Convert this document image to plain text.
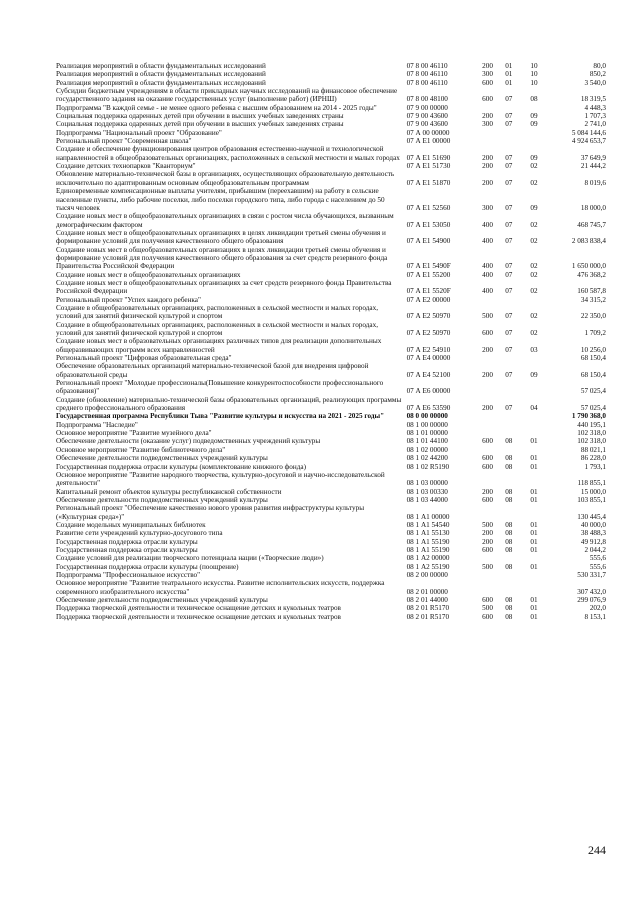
Реализация мероприятий в области фундаментальных исследований	07 8 00 46110	200	01	10	80,0
Реализация мероприятий в области фундаментальных исследований	07 8 00 46110	300	01	10	850,2
Реализация мероприятий в области фундаментальных исследований	07 8 00 46110	600	01	10	3 540,0
Субсидии бюджетным учреждениям в области прикладных научных исследований на финансовое обеспечение государственного задания на оказание государственных услуг (выполнение работ) (ИРНШ)	07 8 00 48100	600	07	08	18 319,5
Подпрограмма "В каждой семье - не менее одного ребенка с высшим образованием на 2014 - 2025 годы"	07 9 00 00000				4 448,3
Социальная поддержка одаренных детей при обучении в высших учебных заведениях страны	07 9 00 43600	200	07	09	1 707,3
Социальная поддержка одаренных детей при обучении в высших учебных заведениях страны	07 9 00 43600	300	07	09	2 741,0
Подпрограмма "Национальный проект "Образование"	07 А 00 00000				5 084 144,6
Региональный проект "Современная школа"	07 А Е1 00000				4 924 653,7
Создание и обеспечение функционирования центров образования естественно-научной и технологической направленностей в общеобразовательных организациях, расположенных в сельской местности и малых городах	07 А Е1 51690	200	07	09	37 649,9
Создание детских технопарков "Кванториум"	07 А Е1 51730	200	07	02	21 444,2
Обновление материально-технической базы в организациях, осуществляющих образовательную деятельность исключительно по адаптированным основным общеобразовательным программам	07 А Е1 51870	200	07	02	8 019,6
Единовременные компенсационные выплаты учителям, прибывшим (переехавшим) на работу в сельские населенные пункты, либо рабочие поселки, либо поселки городского типа, либо города с населением до 50 тысяч человек	07 А Е1 52560	300	07	09	18 000,0
Создание новых мест в общеобразовательных организациях в связи с ростом числа обучающихся, вызванным демографическим фактором	07 А Е1 53050	400	07	02	468 745,7
Создание новых мест в общеобразовательных организациях в целях ликвидации третьей смены обучения и формирование условий для получения качественного общего образования	07 А Е1 54900	400	07	02	2 083 838,4
Создание новых мест в общеобразовательных организациях в целях ликвидации третьей смены обучения и формирование условий для получения качественного общего образования за счет средств резервного фонда Правительства Российской Федерации	07 А Е1 5490F	400	07	02	1 650 000,0
Создание новых мест в общеобразовательных организациях	07 А Е1 55200	400	07	02	476 368,2
Создание новых мест в общеобразовательных организациях за счет средств резервного фонда Правительства Российской Федерации	07 А Е1 5520F	400	07	02	160 587,8
Региональный проект "Успех каждого ребенка"	07 А Е2 00000				34 315,2
Создание в общеобразовательных организациях, расположенных в сельской местности и малых городах, условий для занятий физической культурой и спортом	07 А Е2 50970	500	07	02	22 350,0
Создание в общеобразовательных организациях, расположенных в сельской местности и малых городах, условий для занятий физической культурой и спортом	07 А Е2 50970	600	07	02	1 709,2
Создание новых мест в образовательных организациях различных типов для реализации дополнительных общеразвивающих программ всех направленностей	07 А Е2 54910	200	07	03	10 256,0
Региональный проект "Цифровая образовательная среда"	07 А Е4 00000				68 150,4
Обеспечение образовательных организаций материально-технической базой для внедрения цифровой образовательной среды	07 А Е4 52100	200	07	09	68 150,4
Региональный проект "Молодые профессионалы(Повышение конкурентоспособности профессионального образования)"	07 А Е6 00000				57 025,4
Создание (обновление) материально-технической базы образовательных организаций, реализующих программы среднего профессионального образования	07 А Е6 53590	200	07	04	57 025,4
Государственная программа Республики Тыва "Развитие культуры и искусства на 2021 - 2025 годы"	08 0 00 00000				1 790 368,0
Подпрограмма "Наследие"	08 1 00 00000				440 195,1
Основное мероприятие "Развитие музейного дела"	08 1 01 00000				102 318,0
Обеспечение деятельности (оказание услуг) подведомственных учреждений культуры	08 1 01 44100	600	08	01	102 318,0
Основное мероприятие "Развитие библиотечного дела"	08 1 02 00000				88 021,1
Обеспечение деятельности подведомственных учреждений культуры	08 1 02 44200	600	08	01	86 228,0
Государственная поддержка отрасли культуры (комплектование книжного фонда)	08 1 02 R5190	600	08	01	1 793,1
Основное мероприятие "Развитие народного творчества, культурно-досуговой и научно-исследовательской деятельности"	08 1 03 00000				118 855,1
Капитальный ремонт объектов культуры республиканской собственности	08 1 03 00330	200	08	01	15 000,0
Обеспечение деятельности подведомственных учреждений культуры	08 1 03 44000	600	08	01	103 855,1
Региональный проект "Обеспечение качественно нового уровня развития инфраструктуры культуры («Культурная среда»)"	08 1 А1 00000				130 445,4
Создание модельных муниципальных библиотек	08 1 А1 54540	500	08	01	40 000,0
Развитие сети учреждений культурно-досугового типа	08 1 А1 55130	200	08	01	38 488,3
Государственная поддержка отрасли культуры	08 1 А1 55190	200	08	01	49 912,8
Государственная поддержка отрасли культуры	08 1 А1 55190	600	08	01	2 044,2
Создание условий для реализации творческого потенциала нации («Творческие люди»)	08 1 А2 00000				555,6
Государственная поддержка отрасли культуры (поощрение)	08 1 А2 55190	500	08	01	555,6
Подпрограмма "Профессиональное искусство"	08 2 00 00000				530 331,7
Основное мероприятие "Развитие театрального искусства. Развитие исполнительских искусств, поддержка современного изобразительного искусства"	08 2 01 00000				307 432,0
Обеспечение деятельности подведомственных учреждений культуры	08 2 01 44000	600	08	01	299 076,9
Поддержка творческой деятельности и техническое оснащение детских и кукольных театров	08 2 01 R5170	500	08	01	202,0
Поддержка творческой деятельности и техническое оснащение детских и кукольных театров	08 2 01 R5170	600	08	01	8 153,1
244
